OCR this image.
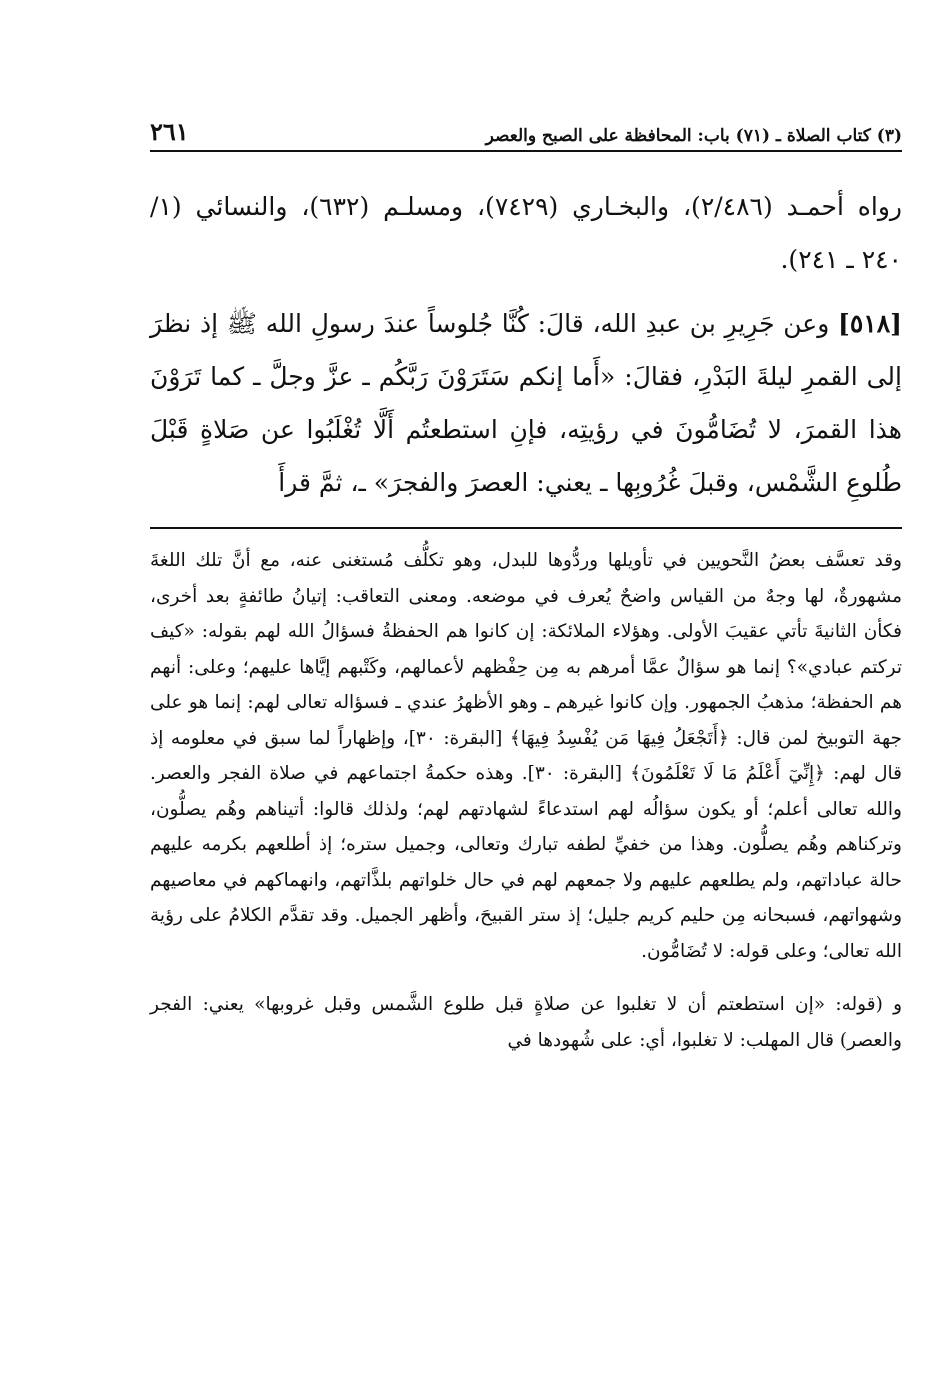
(٣) كتاب الصلاة ـ (٧١) باب: المحافظة على الصبح والعصر
٢٦١

رواه أحمـد (٢/٤٨٦)، والبخـاري (٧٤٢٩)، ومسلـم (٦٣٢)، والنسائي (١/ ٢٤٠ ـ ٢٤١).

[٥١٨] وعن جَرِيرِ بن عبدِ الله، قالَ: كُنَّا جُلوساً عندَ رسولِ الله ﷺ إذ نظرَ إلى القمرِ ليلةَ البَدْرِ، فقالَ: «أَما إنكم سَتَرَوْنَ رَبَّكُم ـ عزَّ وجلَّ ـ كما تَرَوْنَ هذا القمرَ، لا تُضَامُّونَ في رؤيتِه، فإنِ استطعتُم أَلَّا تُغْلَبُوا عن صَلاةٍ قَبْلَ طُلوعِ الشَّمْس، وقبلَ غُرُوبِها ـ يعني: العصرَ والفجرَ» ـ، ثمَّ قرأَ

وقد تعسَّف بعضُ النَّحويين في تأويلها وردُّوها للبدل، وهو تكلُّف مُستغنى عنه، مع أنَّ تلك اللغةَ مشهورةٌ، لها وجهٌ من القياس واضحٌ يُعرف في موضعه. ومعنى التعاقب: إتيانُ طائفةٍ بعد أخرى، فكأن الثانيةَ تأتي عقيبَ الأولى. وهؤلاء الملائكة: إن كانوا هم الحفظةُ فسؤالُ الله لهم بقوله: «كيف تركتم عبادي»؟ إنما هو سؤالٌ عمَّا أمرهم به مِن حِفْظهم لأعمالهم، وكَتْبهم إيَّاها عليهم؛ وعلى: أنهم هم الحفظة؛ مذهبُ الجمهور. وإن كانوا غيرهم ـ وهو الأظهرُ عندي ـ فسؤاله تعالى لهم: إنما هو على جهة التوبيخ لمن قال: ﴿أَتَجْعَلُ فِيهَا مَن يُفْسِدُ فِيهَا﴾ [البقرة: ٣٠]، وإظهاراً لما سبق في معلومه إذ قال لهم: ﴿إِنِّيٓ أَعْلَمُ مَا لَا تَعْلَمُونَ﴾ [البقرة: ٣٠]. وهذه حكمةُ اجتماعهم في صلاة الفجر والعصر. والله تعالى أعلم؛ أو يكون سؤالُه لهم استدعاءً لشهادتهم لهم؛ ولذلك قالوا: أتيناهم وهُم يصلُّون، وتركناهم وهُم يصلُّون. وهذا من خفيِّ لطفه تبارك وتعالى، وجميل ستره؛ إذ أطلعهم بكرمه عليهم حالة عباداتهم، ولم يطلعهم عليهم ولا جمعهم لهم في حال خلواتهم بلذَّاتهم، وانهماكهم في معاصيهم وشهواتهم، فسبحانه مِن حليم كريم جليل؛ إذ ستر القبيحَ، وأظهر الجميل. وقد تقدَّم الكلامُ على رؤية الله تعالى؛ وعلى قوله: لا تُضَامُّون.

و (قوله: «إن استطعتم أن لا تغلبوا عن صلاةٍ قبل طلوع الشَّمس وقبل غروبها» يعني: الفجر والعصر) قال المهلب: لا تغلبوا، أي: على شُهودها في
